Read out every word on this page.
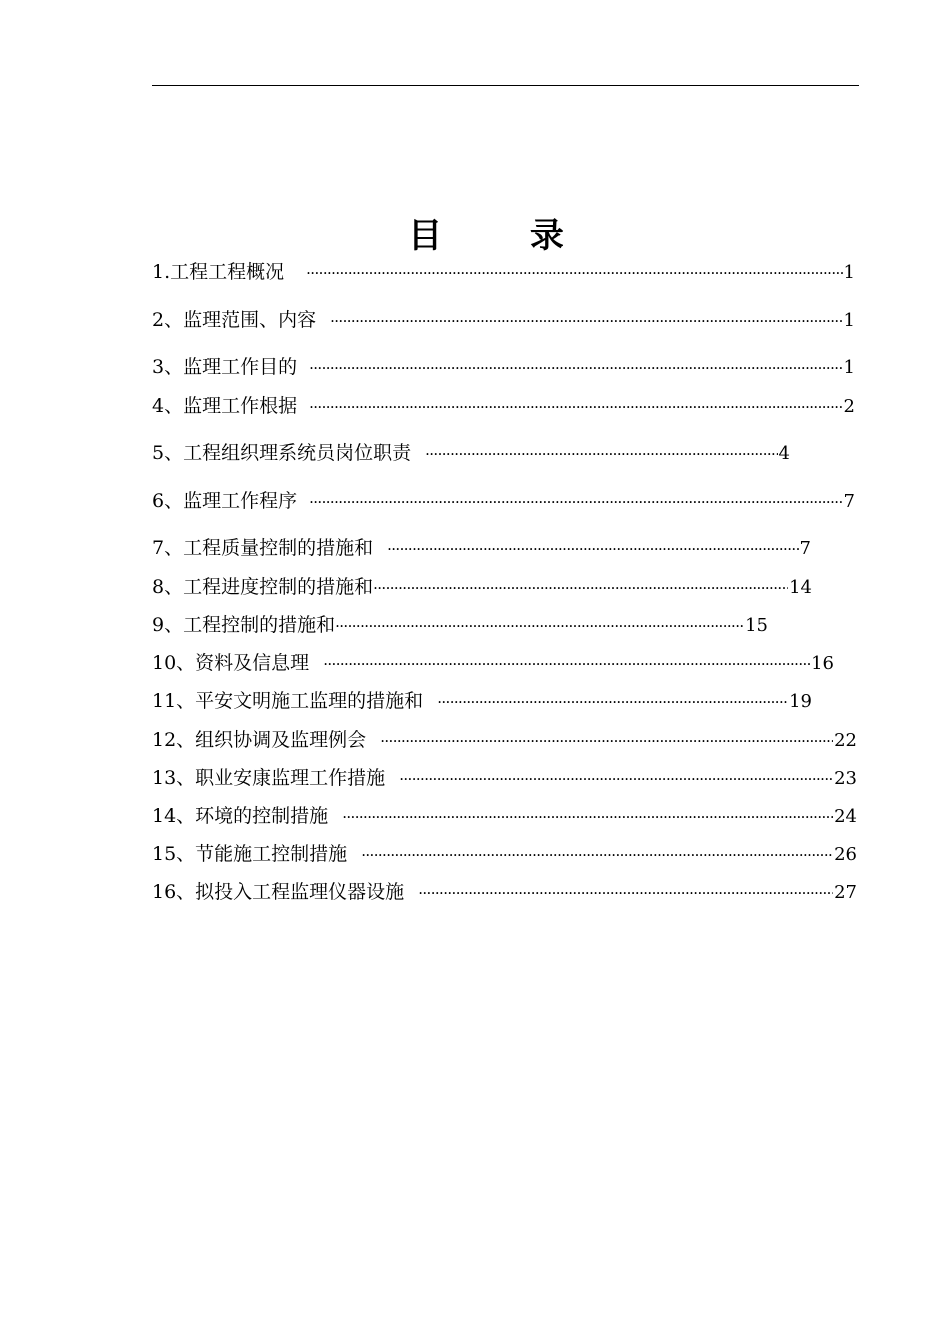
目 录
1.工程工程概况 ·····	1
2、监理范围、内容 ·····	1
3、监理工作目的 ·····	1
4、监理工作根据 ·····	2
5、工程组织理系统员岗位职责 ·····	4
6、监理工作程序 ·····	7
7、工程质量控制的措施和 ·····	7
8、工程进度控制的措施和 ·····	14
9、工程控制的措施和 ·····	15
10、资料及信息理 ·····	16
11、平安文明施工监理的措施和 ·····	19
12、组织协调及监理例会 ·····	22
13、职业安康监理工作措施 ·····	23
14、环境的控制措施 ·····	24
15、节能施工控制措施 ·····	26
16、拟投入工程监理仪器设施 ·····	27
